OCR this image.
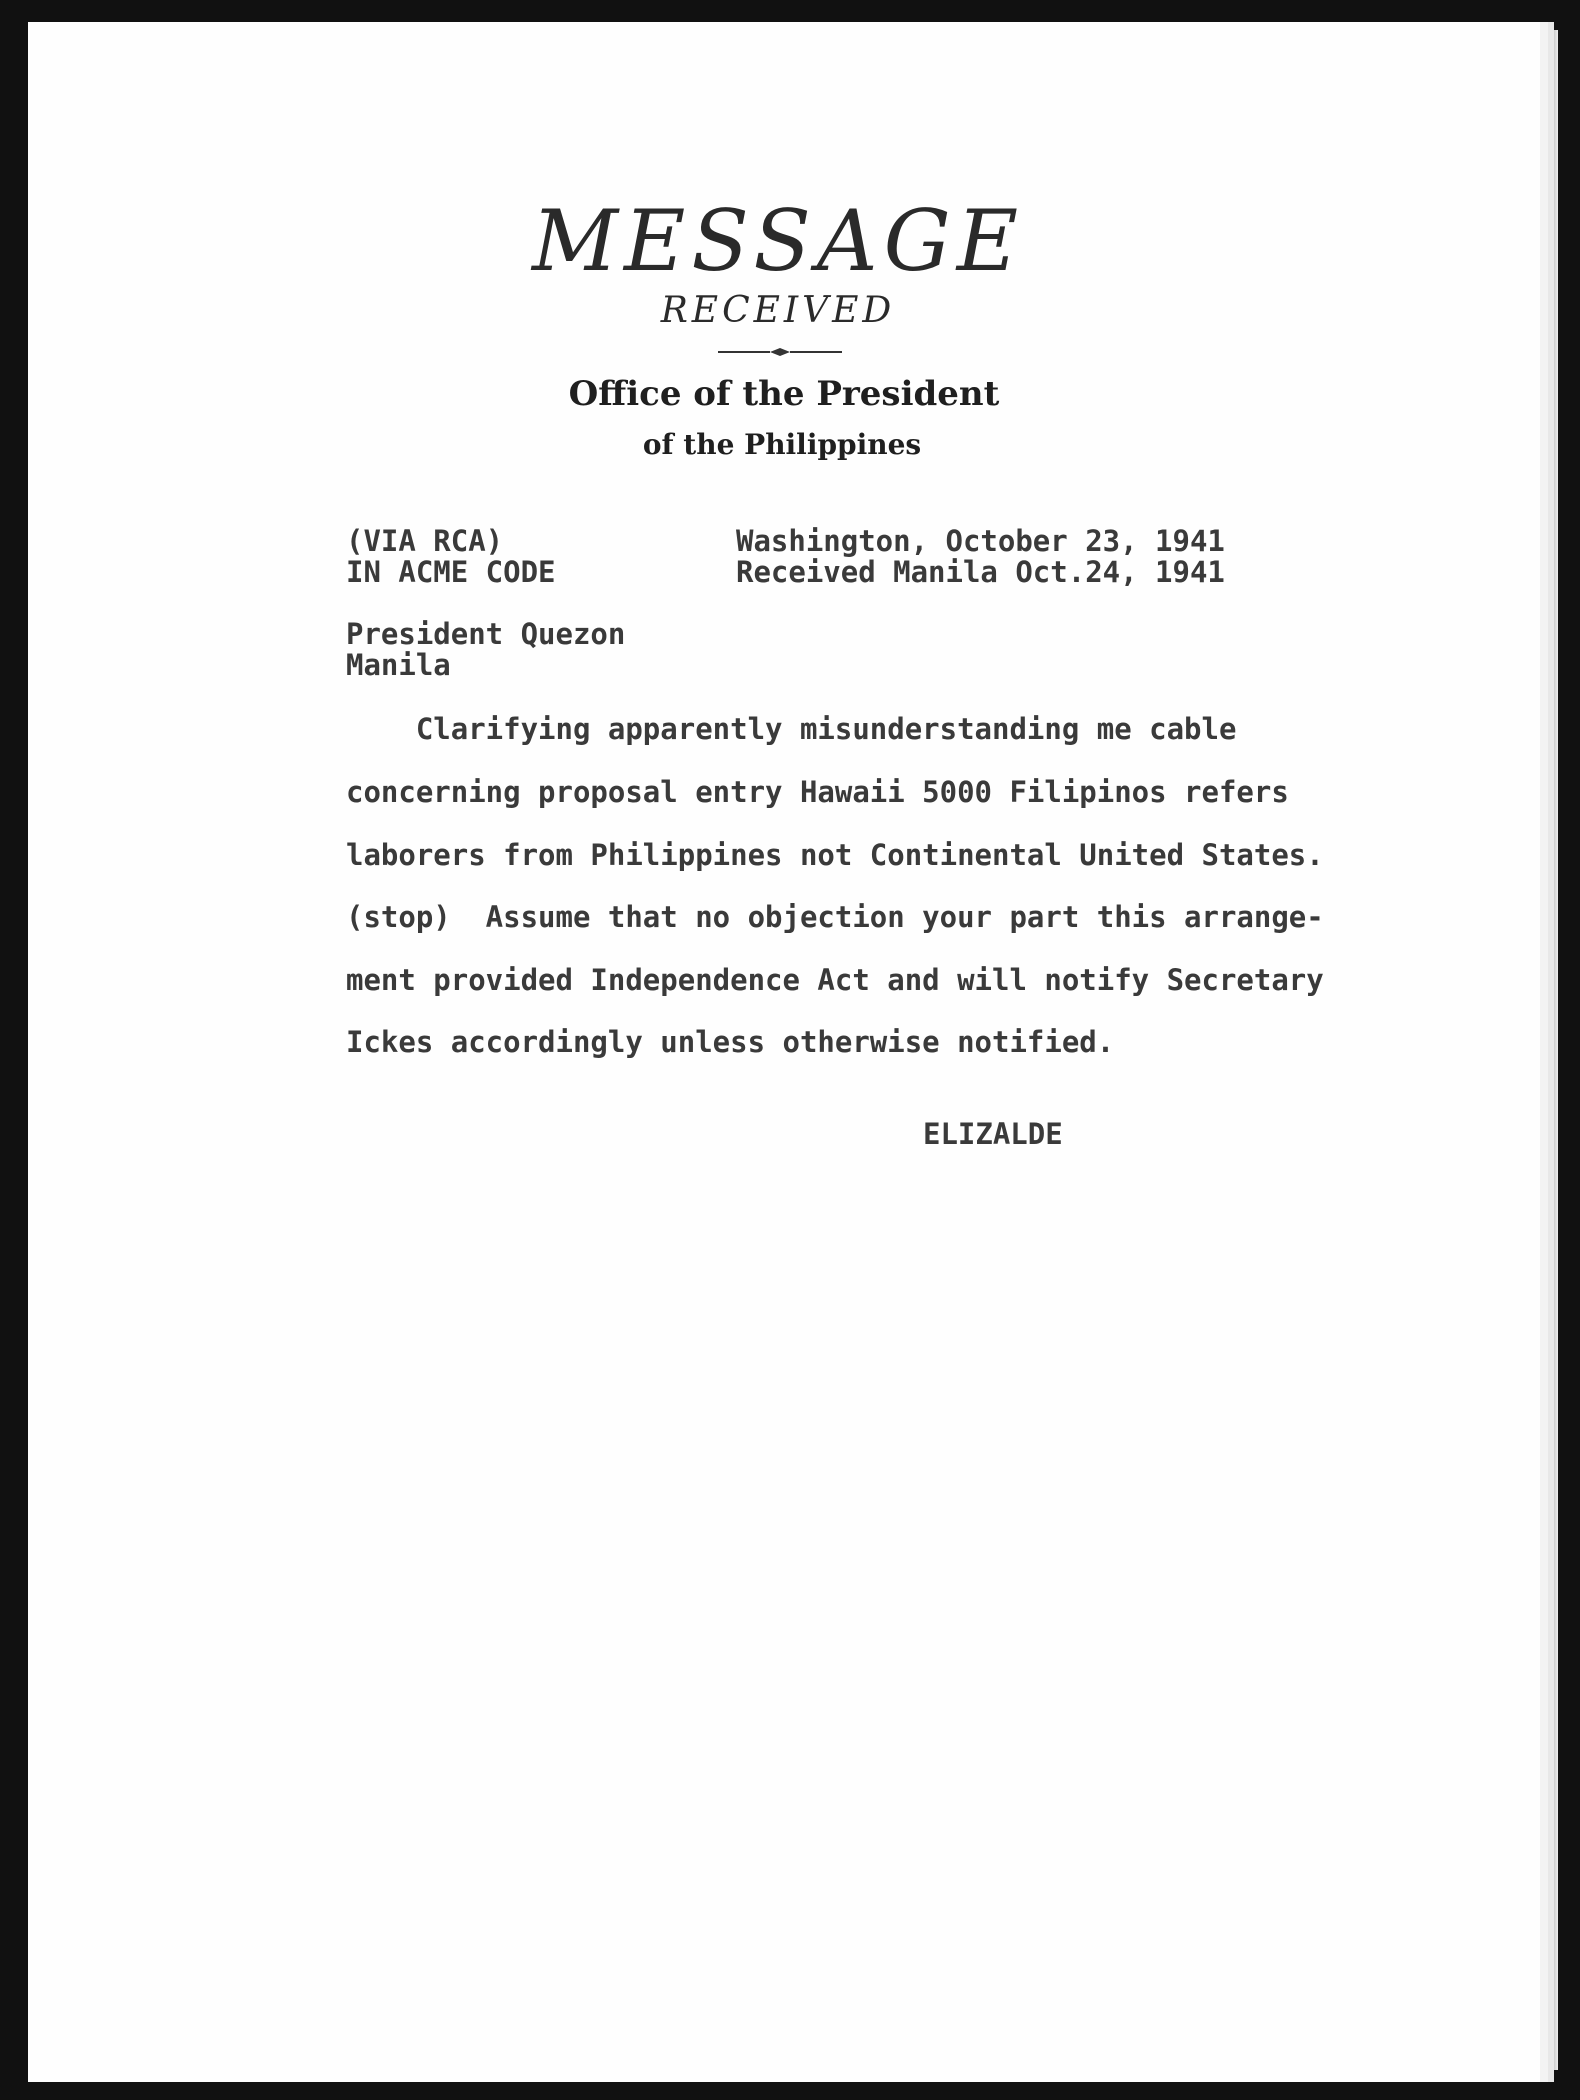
MESSAGE
RECEIVED
Office of the President
of the Philippines
(VIA RCA)
IN ACME CODE
Washington, October 23, 1941
Received Manila Oct.24, 1941
President Quezon
Manila
Clarifying apparently misunderstanding me cable
concerning proposal entry Hawaii 5000 Filipinos refers
laborers from Philippines not Continental United States.
(stop)  Assume that no objection your part this arrange-
ment provided Independence Act and will notify Secretary
Ickes accordingly unless otherwise notified.
ELIZALDE
